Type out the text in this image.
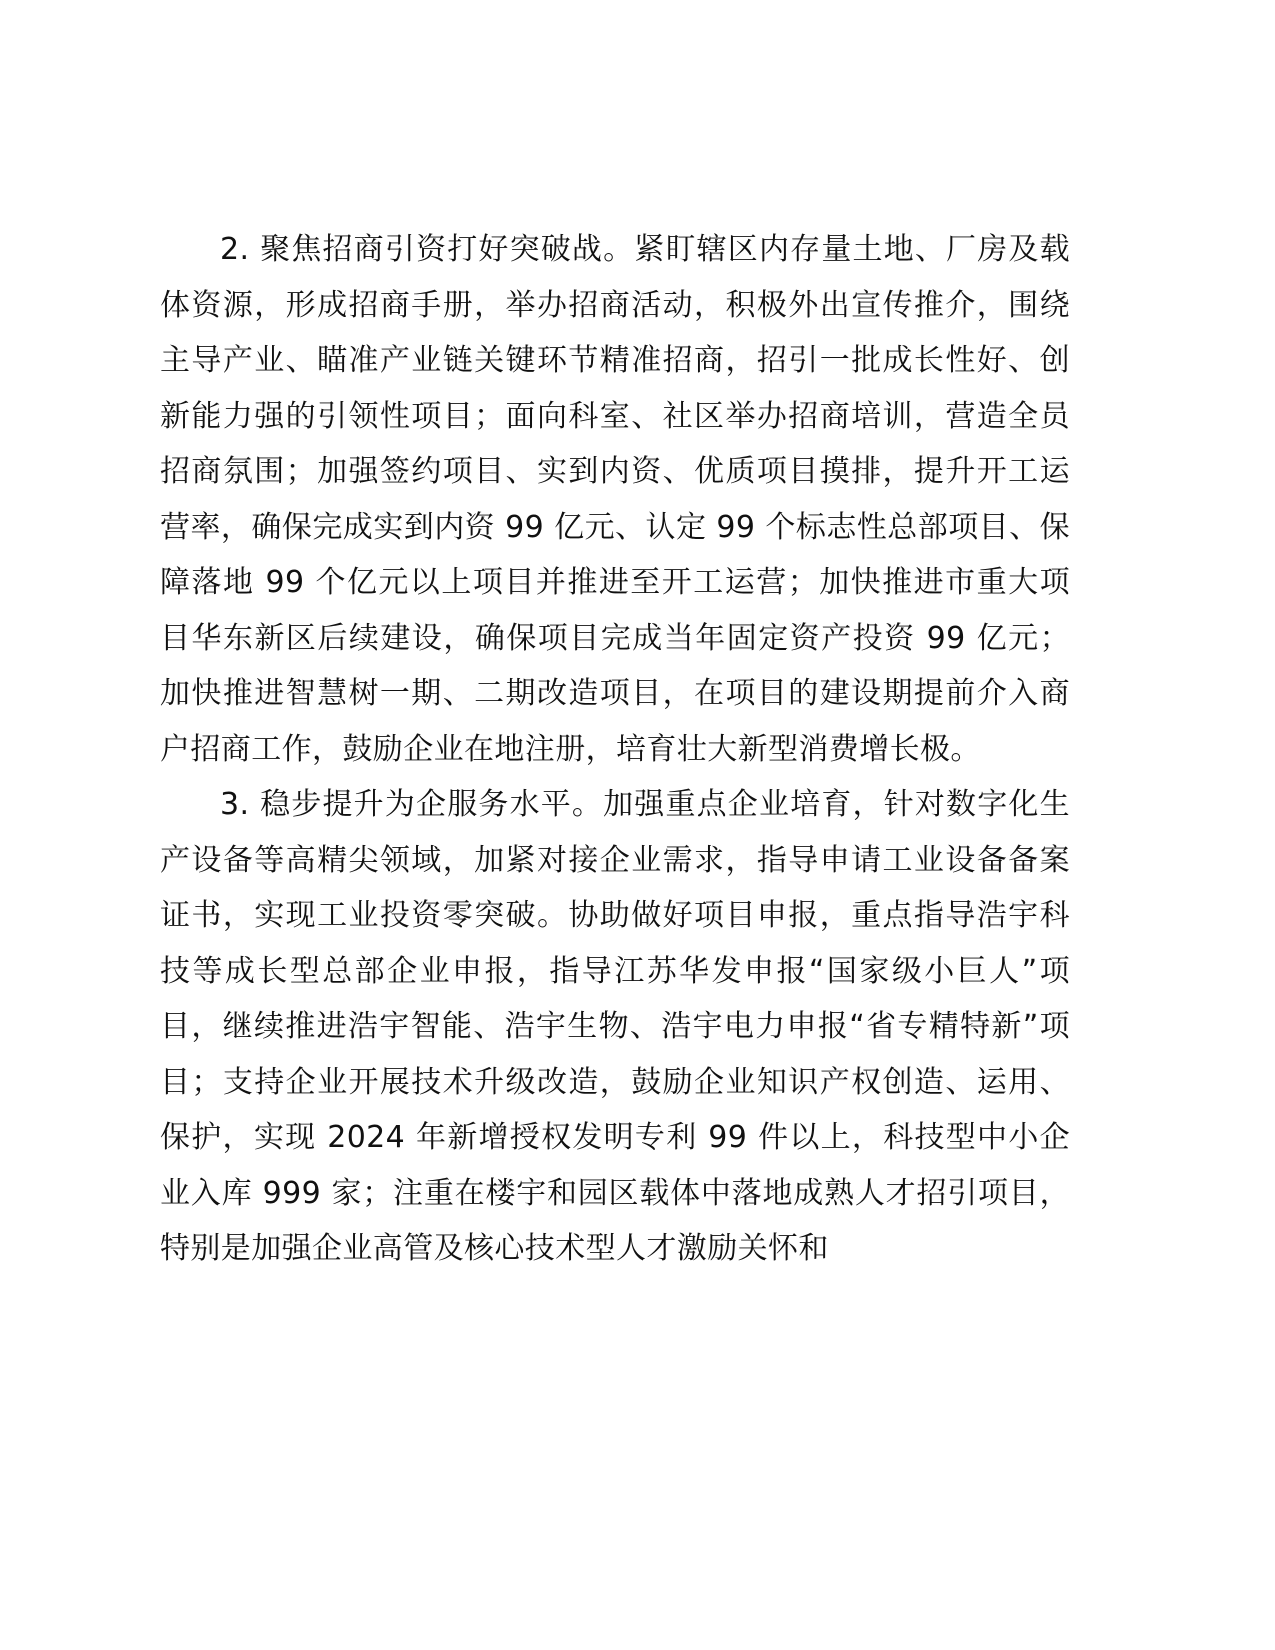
2. 聚焦招商引资打好突破战。紧盯辖区内存量土地、厂房及载体资源，形成招商手册，举办招商活动，积极外出宣传推介，围绕主导产业、瞄准产业链关键环节精准招商，招引一批成长性好、创新能力强的引领性项目；面向科室、社区举办招商培训，营造全员招商氛围；加强签约项目、实到内资、优质项目摸排，提升开工运营率，确保完成实到内资 99 亿元、认定 99 个标志性总部项目、保障落地 99 个亿元以上项目并推进至开工运营；加快推进市重大项目华东新区后续建设，确保项目完成当年固定资产投资 99 亿元；加快推进智慧树一期、二期改造项目，在项目的建设期提前介入商户招商工作，鼓励企业在地注册，培育壮大新型消费增长极。

3. 稳步提升为企服务水平。加强重点企业培育，针对数字化生产设备等高精尖领域，加紧对接企业需求，指导申请工业设备备案证书，实现工业投资零突破。协助做好项目申报，重点指导浩宇科技等成长型总部企业申报，指导江苏华发申报“国家级小巨人”项目，继续推进浩宇智能、浩宇生物、浩宇电力申报“省专精特新”项目；支持企业开展技术升级改造，鼓励企业知识产权创造、运用、保护，实现 2024 年新增授权发明专利 99 件以上，科技型中小企业入库 999 家；注重在楼宇和园区载体中落地成熟人才招引项目，特别是加强企业高管及核心技术型人才激励关怀和
